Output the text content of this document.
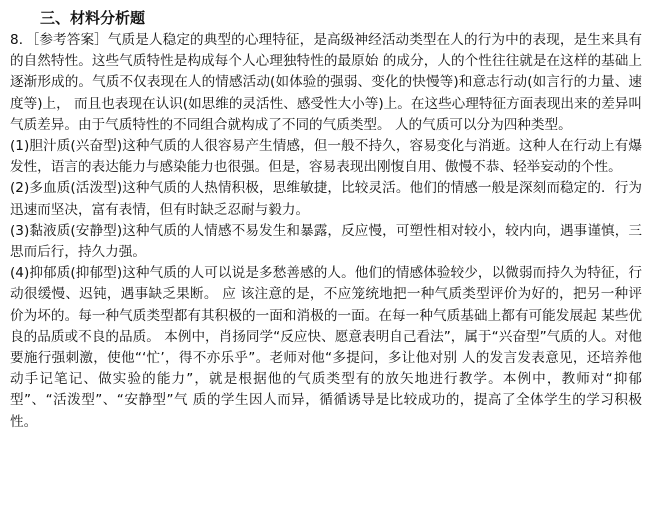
三、材料分析题

8．［参考答案］气质是人稳定的典型的心理特征，是高级神经活动类型在人的行为中的表现，是生来具有的自然特性。这些气质特性是构成每个人心理独特性的最原始 的成分，人的个性往往就是在这样的基础上逐渐形成的。气质不仅表现在人的情感活动(如体验的强弱、变化的快慢等)和意志行动(如言行的力量、速度等)上， 而且也表现在认识(如思维的灵活性、感受性大小等)上。在这些心理特征方面表现出来的差异叫气质差异。由于气质特性的不同组合就构成了不同的气质类型。 人的气质可以分为四种类型。

(1)胆汁质(兴奋型)这种气质的人很容易产生情感，但一般不持久，容易变化与消逝。这种人在行动上有爆发性，语言的表达能力与感染能力也很强。但是，容易表现出刚愎自用、傲慢不恭、轻举妄动的个性。

(2)多血质(活泼型)这种气质的人热情积极，思维敏捷，比较灵活。他们的情感一般是深刻而稳定的．行为迅速而坚决，富有表情，但有时缺乏忍耐与毅力。

(3)黏液质(安静型)这种气质的人情感不易发生和暴露，反应慢，可塑性相对较小，较内向，遇事谨慎，三思而后行，持久力强。

(4)抑郁质(抑郁型)这种气质的人可以说是多愁善感的人。他们的情感体验较少，以微弱而持久为特征，行动很缓慢、迟钝，遇事缺乏果断。 应 该注意的是，不应笼统地把一种气质类型评价为好的，把另一种评价为坏的。每一种气质类型都有其积极的一面和消极的一面。在每一种气质基础上都有可能发展起 某些优良的品质或不良的品质。 本例中，肖扬同学“反应快、愿意表明自己看法”，属于“兴奋型”气质的人。对他要施行强刺激，使他“‘忙’，得不亦乐乎”。老师对他“多提问，多让他对别 人的发言发表意见，还培养他动手记笔记、做实验的能力”，就是根据他的气质类型有的放矢地进行教学。本例中，教师对“抑郁型”、“活泼型”、“安静型”气 质的学生因人而异，循循诱导是比较成功的，提高了全体学生的学习积极性。
